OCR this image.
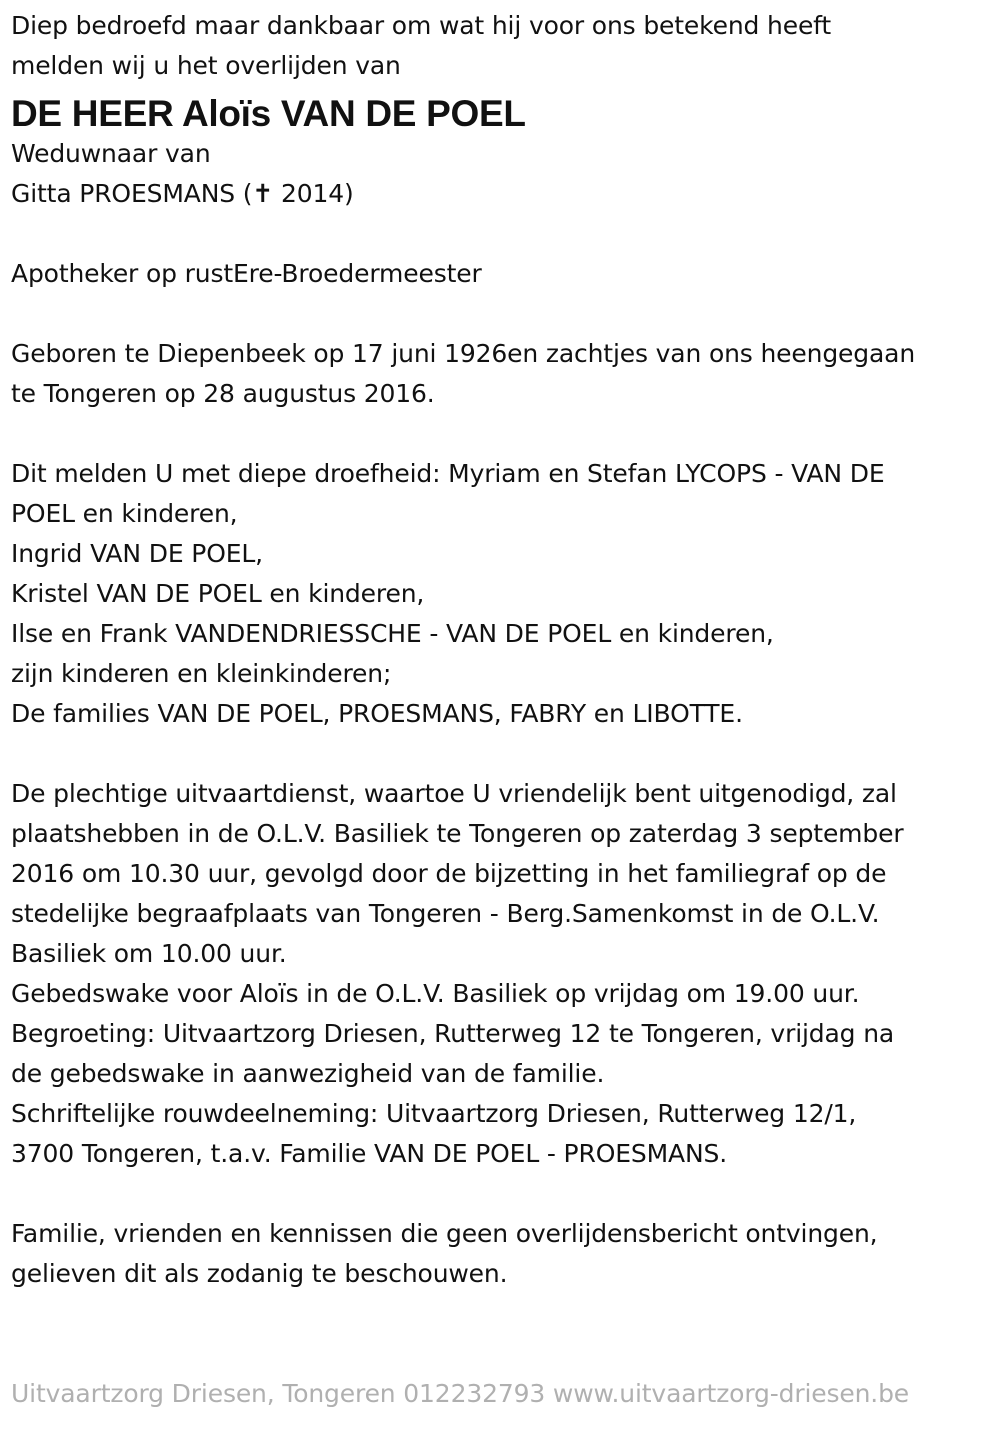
Diep bedroefd maar dankbaar om wat hij voor ons betekend heeft
melden wij u het overlijden van
DE HEER Aloïs VAN DE POEL
Weduwnaar van
Gitta PROESMANS (✝ 2014)
Apotheker op rustEre-Broedermeester
Geboren te Diepenbeek op 17 juni 1926en zachtjes van ons heengegaan
te Tongeren op 28 augustus 2016.
Dit melden U met diepe droefheid: Myriam en Stefan LYCOPS - VAN DE
POEL en kinderen,
Ingrid VAN DE POEL,
Kristel VAN DE POEL en kinderen,
Ilse en Frank VANDENDRIESSCHE - VAN DE POEL en kinderen,
zijn kinderen en kleinkinderen;
De families VAN DE POEL, PROESMANS, FABRY en LIBOTTE.
De plechtige uitvaartdienst, waartoe U vriendelijk bent uitgenodigd, zal
plaatshebben in de O.L.V. Basiliek te Tongeren op zaterdag 3 september
2016 om 10.30 uur, gevolgd door de bijzetting in het familiegraf op de
stedelijke begraafplaats van Tongeren - Berg.Samenkomst in de O.L.V.
Basiliek om 10.00 uur.
Gebedswake voor Aloïs in de O.L.V. Basiliek op vrijdag om 19.00 uur.
Begroeting: Uitvaartzorg Driesen, Rutterweg 12 te Tongeren, vrijdag na
de gebedswake in aanwezigheid van de familie.
Schriftelijke rouwdeelneming: Uitvaartzorg Driesen, Rutterweg 12/1,
3700 Tongeren, t.a.v. Familie VAN DE POEL - PROESMANS.
Familie, vrienden en kennissen die geen overlijdensbericht ontvingen,
gelieven dit als zodanig te beschouwen.
Uitvaartzorg Driesen, Tongeren 012232793 www.uitvaartzorg-driesen.be
